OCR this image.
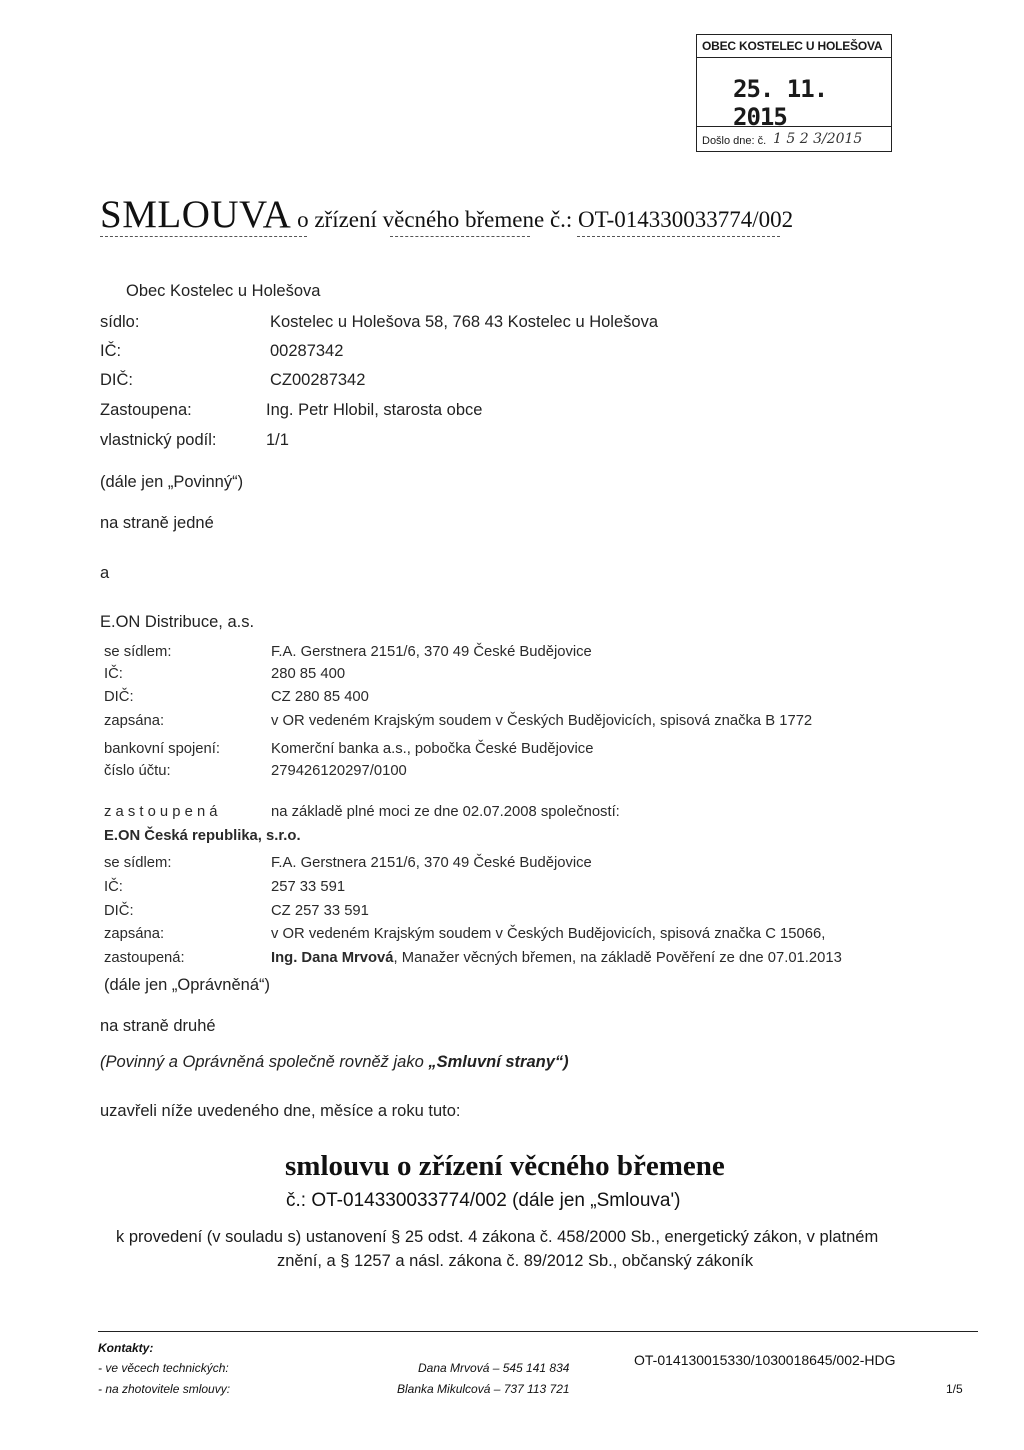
OBEC KOSTELEC U HOLEŠOVA
25. 11. 2015
Došlo dne: č. 1 5 2 3/2015
SMLOUVA o zřízení věcného břemene č.: OT-014330033774/002
Obec Kostelec u Holešova
sídlo:	Kostelec u Holešova 58, 768 43 Kostelec u Holešova
IČ:	00287342
DIČ:	CZ00287342
Zastoupena:	Ing. Petr Hlobil, starosta obce
vlastnický podíl:	1/1
(dále jen „Povinný“)
na straně jedné
a
E.ON Distribuce, a.s.
se sídlem:	F.A. Gerstnera 2151/6, 370 49 České Budějovice
IČ:	280 85 400
DIČ:	CZ 280 85 400
zapsána:	v OR vedeném Krajským soudem v Českých Budějovicích, spisová značka B 1772
bankovní spojení:	Komerční banka a.s., pobočka České Budějovice
číslo účtu:	279426120297/0100
z a s t o u p e n á	na základě plné moci ze dne 02.07.2008 společností:
E.ON Česká republika, s.r.o.
se sídlem:	F.A. Gerstnera 2151/6, 370 49 České Budějovice
IČ:	257 33 591
DIČ:	CZ 257 33 591
zapsána:	v OR vedeném Krajským soudem v Českých Budějovicích, spisová značka C 15066,
zastoupená:	Ing. Dana Mrvová, Manažer věcných břemen, na základě Pověření ze dne 07.01.2013
(dále jen „Oprávněná“)
na straně druhé
(Povinný a Oprávněná společně rovněž jako „Smluvní strany“)
uzavřeli níže uvedeného dne, měsíce a roku tuto:
smlouvu o zřízení věcného břemene
č.: OT-014330033774/002 (dále jen „Smlouva')
k provedení (v souladu s) ustanovení § 25 odst. 4 zákona č. 458/2000 Sb., energetický zákon, v platném
znění, a § 1257 a násl. zákona č. 89/2012 Sb., občanský zákoník
Kontakty:
- ve věcech technických:	Dana Mrvová – 545 141 834
- na zhotovitele smlouvy:	Blanka Mikulcová – 737 113 721
OT-014130015330/1030018645/002-HDG
1/5
